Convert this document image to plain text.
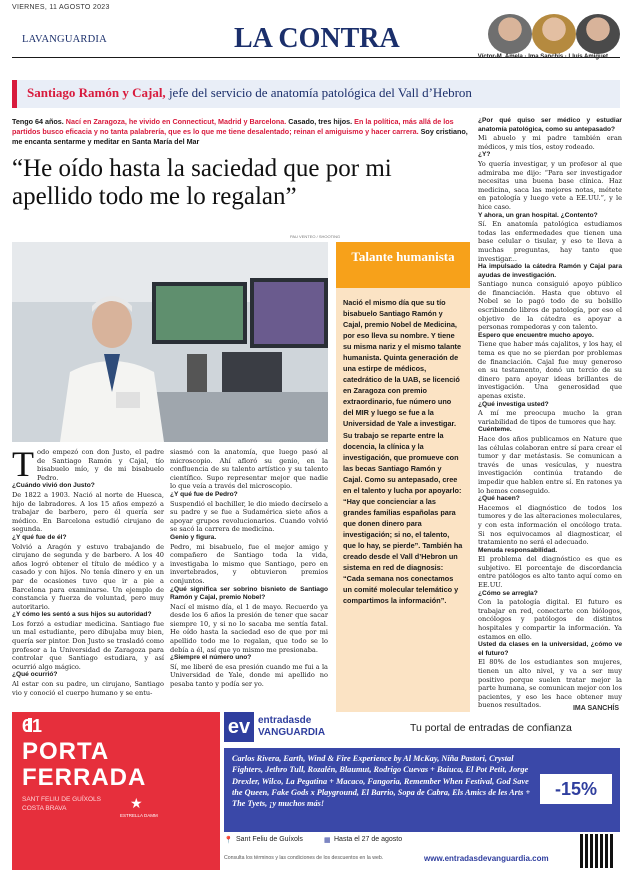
VIERNES, 11 AGOSTO 2023
LAVANGUARDIA	LA CONTRA
Víctor-M. Amela · Ima Sanchís · Lluís Amiguet
Santiago Ramón y Cajal, jefe del servicio de anatomía patológica del Vall d’Hebron
Tengo 64 años. Nací en Zaragoza, he vivido en Connecticut, Madrid y Barcelona. Casado, tres hijos. En la política, más allá de los partidos busco eficacia y no tanta palabrería, que es lo que me tiene desalentado; reinan el amiguismo y hacer carrera. Soy cristiano, me encanta sentarme y meditar en Santa María del Mar
“He oído hasta la saciedad que por mi apellido todo me lo regalan”
PAU VENTEO / SHOOTING
Talante humanista

Nació el mismo día que su tío bisabuelo Santiago Ramón y Cajal, premio Nobel de Medicina, por eso lleva su nombre. Y tiene su misma nariz y el mismo talante humanista. Quinta generación de una estirpe de médicos, catedrático de la UAB, se licenció en Zaragoza con premio extraordinario, fue número uno del MIR y luego se fue a la Universidad de Yale a investigar.

Su trabajo se reparte entre la docencia, la clínica y la investigación, que promueve con las becas Santiago Ramón y Cajal. Como su antepasado, cree en el talento y lucha por apoyarlo: “Hay que concienciar a las grandes familias españolas para que donen dinero para investigación; si no, el talento, que lo hay, se pierde”. También ha creado desde el Vall d’Hebron un sistema en red de diagnosis: “Cada semana nos conectamos un comité molecular telemático y compartimos la información”.

T odo empezó con don Justo, el padre de Santiago Ramón y Cajal, tío bisabuelo mío, y de mi bisabuelo Pedro.

¿Cuándo vivió don Justo?

De 1822 a 1903. Nació al norte de Huesca, hijo de labradores. A los 15 años empezó a trabajar de barbero, pero él quería ser médico. En Barcelona estudió cirujano de segunda.

¿Y qué fue de él?

Volvió a Aragón y estuvo trabajando de cirujano de segunda y de barbero. A los 40 años logró obtener el título de médico y a casado y con hijos. No tenía dinero y en un par de ocasiones tuvo que ir a pie a Barcelona para examinarse. Un ejemplo de constancia y fuerza de voluntad, pero muy autoritario.

¿Y cómo les sentó a sus hijos su autoridad?

Los forzó a estudiar medicina. Santiago fue un mal estudiante, pero dibujaba muy bien, quería ser pintor. Don Justo se trasladó como profesor a la Universidad de Zaragoza para controlar que Santiago estudiara, y así ocurrió algo mágico.

¿Qué ocurrió?

Al estar con su padre, un cirujano, Santiago vio y conoció el cuerpo humano y se entu-

siasmó con la anatomía, que luego pasó al microscopio. Ahí afloró su genio, en la confluencia de su talento artístico y su talento científico. Supo representar mejor que nadie lo que veía a través del microscopio.

¿Y qué fue de Pedro?

Suspendió el bachiller, le dio miedo decírselo a su padre y se fue a Sudamérica siete años a apoyar grupos revolucionarios. Cuando volvió se sacó la carrera de medicina.

Genio y figura.

Pedro, mi bisabuelo, fue el mejor amigo y compañero de Santiago toda la vida, investigaba lo mismo que Santiago, pero en invertebrados, y obtuvieron premios conjuntos.

¿Qué significa ser sobrino bisnieto de Santiago Ramón y Cajal, premio Nobel?

Nací el mismo día, el 1 de mayo. Recuerdo ya desde los 6 años la presión de tener que sacar siempre 10, y si no lo sacaba me sentía fatal. He oído hasta la saciedad eso de que por mi apellido todo me lo regalan, que todo se lo debía a él, así que yo mismo me presionaba.

¿Siempre el número uno?

Sí, me liberé de esa presión cuando me fui a la Universidad de Yale, donde mi apellido no pesaba tanto y podía ser yo.

¿Por qué quiso ser médico y estudiar anatomía patológica, como su antepasado?

Mi abuelo y mi padre también eran médicos, y mis tíos, estoy rodeado.

¿Y?

Yo quería investigar, y un profesor al que admiraba me dijo: “Para ser investigador necesitas una buena base clínica. Haz medicina, saca las mejores notas, métete en patología y luego vete a EE.UU.”, y le hice caso.

Y ahora, un gran hospital. ¿Contento?

Sí. En anatomía patológica estudiamos todas las enfermedades que tienen una base celular o tisular, y eso te lleva a muchas preguntas, hay tanto que investigar...

Ha impulsado la cátedra Ramón y Cajal para ayudas de investigación.

Santiago nunca consiguió apoyo público de financiación. Hasta que obtuvo el Nobel se lo pagó todo de su bolsillo escribiendo libros de patología, por eso el objetivo de la cátedra es apoyar a personas rompedoras y con talento.

Espero que encuentre mucho apoyo.

Tiene que haber más cajalitos, y los hay, el tema es que no se pierdan por problemas de financiación. Cajal fue muy generoso en su testamento, donó un tercio de su dinero para apoyar ideas brillantes de investigación. Una generosidad que apenas existe.

¿Qué investiga usted?

A mí me preocupa mucho la gran variabilidad de tipos de tumores que hay.

Cuénteme.

Hace dos años publicamos en Nature que las células colaboran entre sí para crear el tumor y dar metástasis. Se comunican a través de unas vesículas, y nuestra investigación continúa tratando de impedir que hablen entre sí. En ratones ya lo hemos conseguido.

¿Qué hacen?

Hacemos el diagnóstico de todos los tumores y de las alteraciones moleculares, y con esta información el oncólogo trata. Si nos equivocamos al diagnosticar, el tratamiento no será el adecuado.

Menuda responsabilidad.

El problema del diagnóstico es que es subjetivo. El porcentaje de discordancia entre patólogos es alto tanto aquí como en EE.UU.

¿Cómo se arregla?

Con la patología digital. El futuro es trabajar en red, conectarte con biólogos, oncólogos y patólogos de distintos hospitales y compartir la información. Ya estamos en ello.

Usted da clases en la universidad, ¿cómo ve el futuro?

El 80% de los estudiantes son mujeres, tienen un alto nivel, y va a ser muy positivo porque suelen tratar mejor la parte humana, se comunican mejor con los pacientes, y eso les hace obtener muy buenos resultados.	IMA SANCHÍS
61
PORTA
FERRADA
SANT FELIU DE GUÍXOLS
COSTA BRAVA	★
ESTRELLA DAMM
ev entradasde VANGUARDIA	Tu portal de entradas de confianza
Carlos Rivera, Earth, Wind & Fire Experience by Al McKay, Niña Pastori, Crystal Fighters, Jethro Tull, Rozalén, Blaumut, Rodrigo Cuevas + Baiuca, El Pot Petit, Jorge Drexler, Wilco, La Pegatina + Macaco, Fangoria, Remember When Festival, God Save the Queen, Fake Gods x Playground, El Barrio, Sopa de Cabra, Els Amics de les Arts + The Tyets, ¡y muchos más!
-15%
📍 Sant Feliu de Guíxols	▦ Hasta el 27 de agosto
Consulta los términos y las condiciones de los descuentos en la web.	www.entradasdevanguardia.com
